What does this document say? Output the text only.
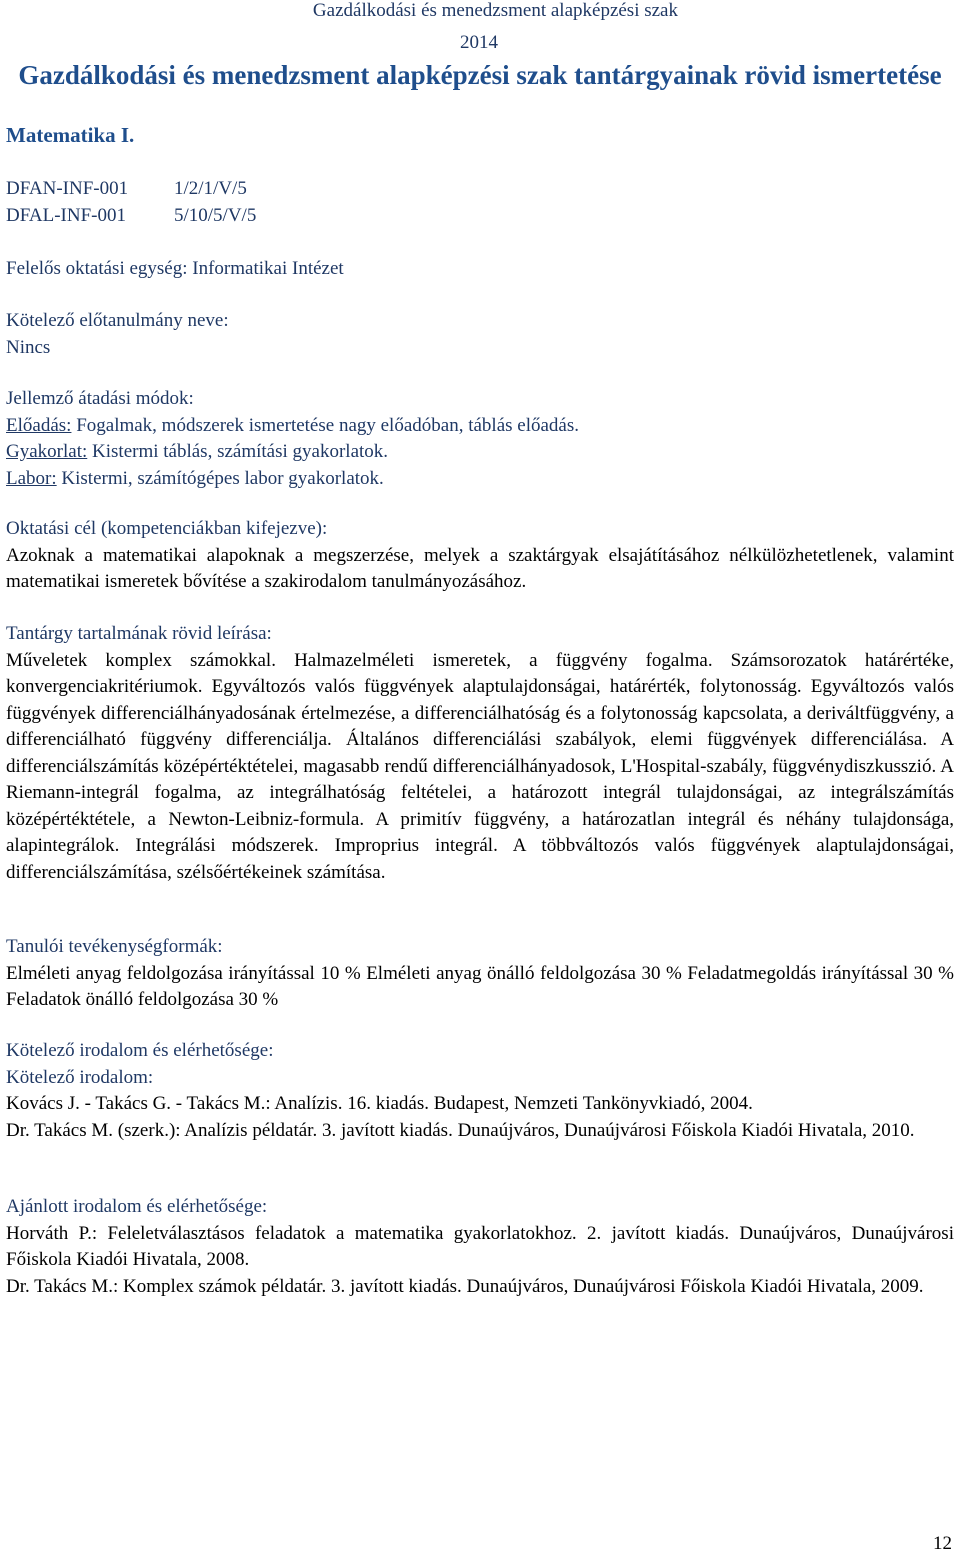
Gazdálkodási és menedzsment alapképzési szak
2014
Gazdálkodási és menedzsment alapképzési szak tantárgyainak rövid ismertetése
Matematika I.
DFAN-INF-001 1/2/1/V/5
DFAL-INF-001	5/10/5/V/5
Felelős oktatási egység: Informatikai Intézet

Kötelező előtanulmány neve:

Nincs

Jellemző átadási módok:

Előadás: Fogalmak, módszerek ismertetése nagy előadóban, táblás előadás.

Gyakorlat: Kistermi táblás, számítási gyakorlatok.

Labor: Kistermi, számítógépes labor gyakorlatok.

Oktatási cél (kompetenciákban kifejezve):

Azoknak a matematikai alapoknak a megszerzése, melyek a szaktárgyak elsajátításához nélkülözhetetlenek, valamint matematikai ismeretek bővítése a szakirodalom tanulmányozásához.

Tantárgy tartalmának rövid leírása:

Műveletek komplex számokkal. Halmazelméleti ismeretek, a függvény fogalma. Számsorozatok határértéke, konvergenciakritériumok. Egyváltozós valós függvények alaptulajdonságai, határérték, folytonosság. Egyváltozós valós függvények differenciálhányadosának értelmezése, a differenciálhatóság és a folytonosság kapcsolata, a deriváltfüggvény, a differenciálható függvény differenciálja. Általános differenciálási szabályok, elemi függvények differenciálása. A differenciálszámítás középértéktételei, magasabb rendű differenciálhányadosok, L'Hospital-szabály, függvénydiszkusszió. A Riemann-integrál fogalma, az integrálhatóság feltételei, a határozott integrál tulajdonságai, az integrálszámítás középértéktétele, a Newton-Leibniz-formula. A primitív függvény, a határozatlan integrál és néhány tulajdonsága, alapintegrálok. Integrálási módszerek. Improprius integrál. A többváltozós valós függvények alaptulajdonságai, differenciálszámítása, szélsőértékeinek számítása.

Tanulói tevékenységformák:

Elméleti anyag feldolgozása irányítással 10 % Elméleti anyag önálló feldolgozása 30 % Feladatmegoldás irányítással 30 % Feladatok önálló feldolgozása 30 %

Kötelező irodalom és elérhetősége:

Kötelező irodalom:

Kovács J. - Takács G. - Takács M.: Analízis. 16. kiadás. Budapest, Nemzeti Tankönyvkiadó, 2004.

Dr. Takács M. (szerk.): Analízis példatár. 3. javított kiadás. Dunaújváros, Dunaújvárosi Főiskola Kiadói Hivatala, 2010.

Ajánlott irodalom és elérhetősége:

Horváth P.: Feleletválasztásos feladatok a matematika gyakorlatokhoz. 2. javított kiadás. Dunaújváros, Dunaújvárosi Főiskola Kiadói Hivatala, 2008.

Dr. Takács M.: Komplex számok példatár. 3. javított kiadás. Dunaújváros, Dunaújvárosi Főiskola Kiadói Hivatala, 2009.

12
